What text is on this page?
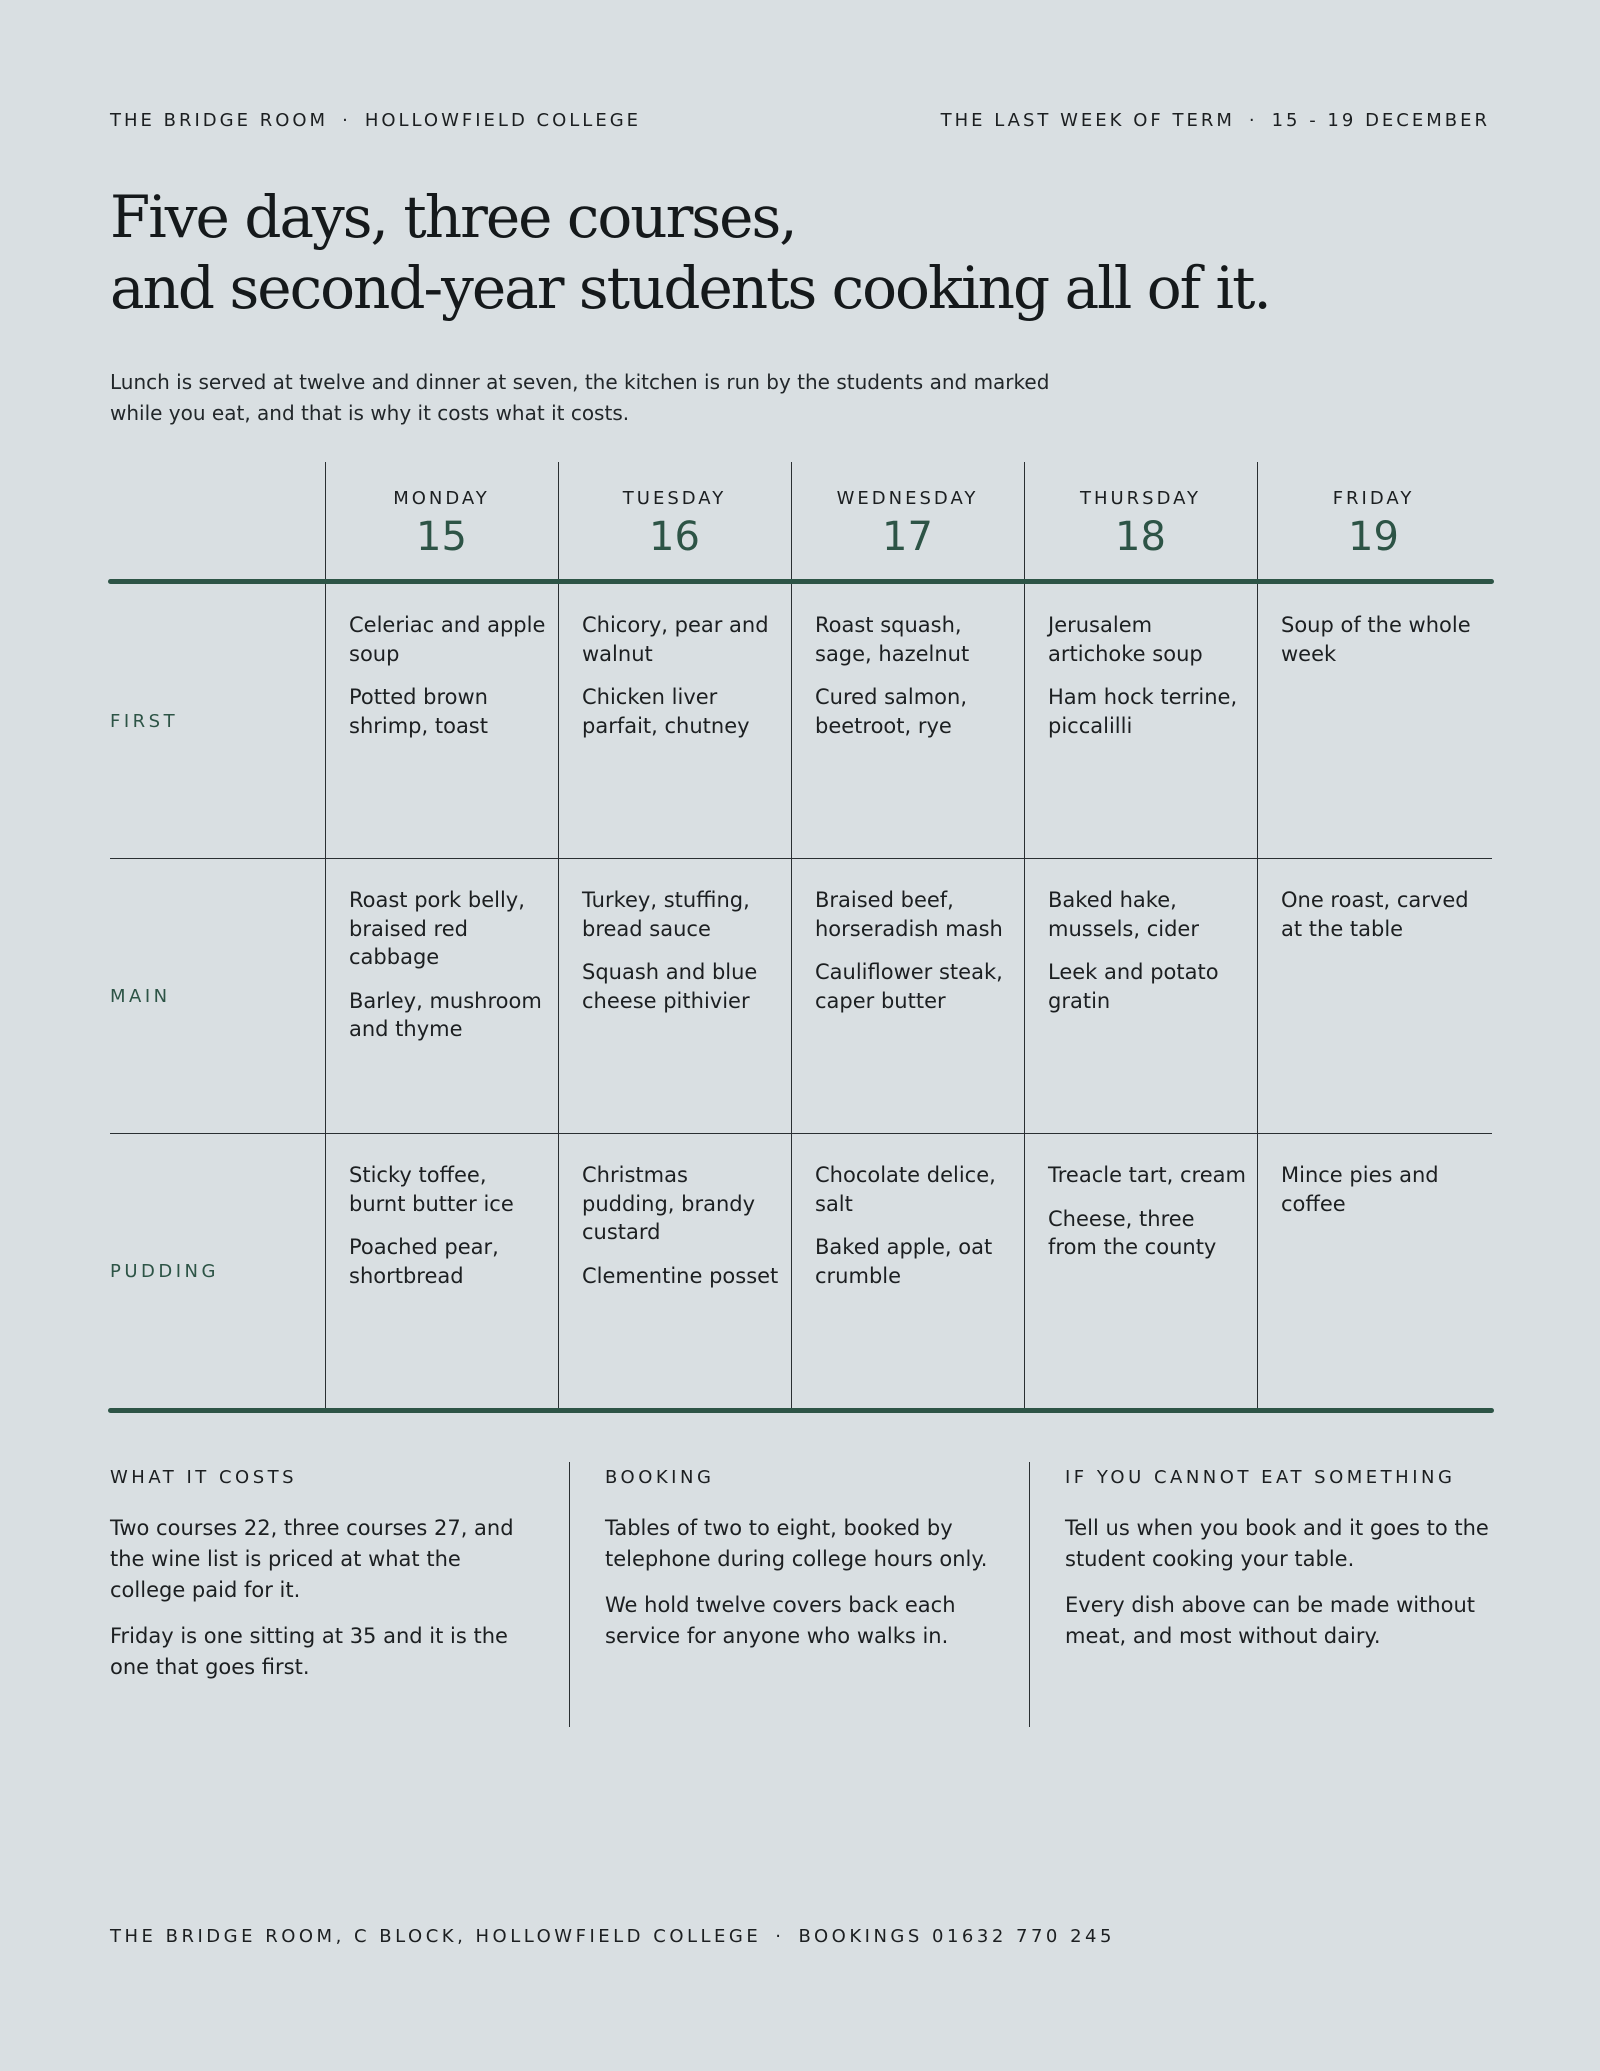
THE BRIDGE ROOM · HOLLOWFIELD COLLEGE	THE LAST WEEK OF TERM · 15 - 19 DECEMBER
Five days, three courses,
and second-year students cooking all of it.

Lunch is served at twelve and dinner at seven, the kitchen is run by the students and marked while you eat, and that is why it costs what it costs.

MONDAY
15
TUESDAY
16
WEDNESDAY
17
THURSDAY
18
FRIDAY
19
FIRST
MAIN
PUDDING
Celeriac and apple soup
Potted brown shrimp, toast
Chicory, pear and walnut
Chicken liver parfait, chutney
Roast squash, sage, hazelnut
Cured salmon, beetroot, rye
Jerusalem artichoke soup
Ham hock terrine, piccalilli
Soup of the whole week
Roast pork belly, braised red cabbage
Barley, mushroom and thyme
Turkey, stuffing, bread sauce
Squash and blue cheese pithivier
Braised beef, horseradish mash
Cauliflower steak, caper butter
Baked hake, mussels, cider
Leek and potato gratin
One roast, carved at the table
Sticky toffee, burnt butter ice
Poached pear, shortbread
Christmas pudding, brandy custard
Clementine posset
Chocolate delice, salt
Baked apple, oat crumble
Treacle tart, cream
Cheese, three from the county
Mince pies and coffee
WHAT IT COSTS

Two courses 22, three courses 27, and the wine list is priced at what the college paid for it.

Friday is one sitting at 35 and it is the one that goes first.

BOOKING

Tables of two to eight, booked by telephone during college hours only.

We hold twelve covers back each service for anyone who walks in.

IF YOU CANNOT EAT SOMETHING

Tell us when you book and it goes to the student cooking your table.

Every dish above can be made without meat, and most without dairy.

THE BRIDGE ROOM, C BLOCK, HOLLOWFIELD COLLEGE · BOOKINGS 01632 770 245
